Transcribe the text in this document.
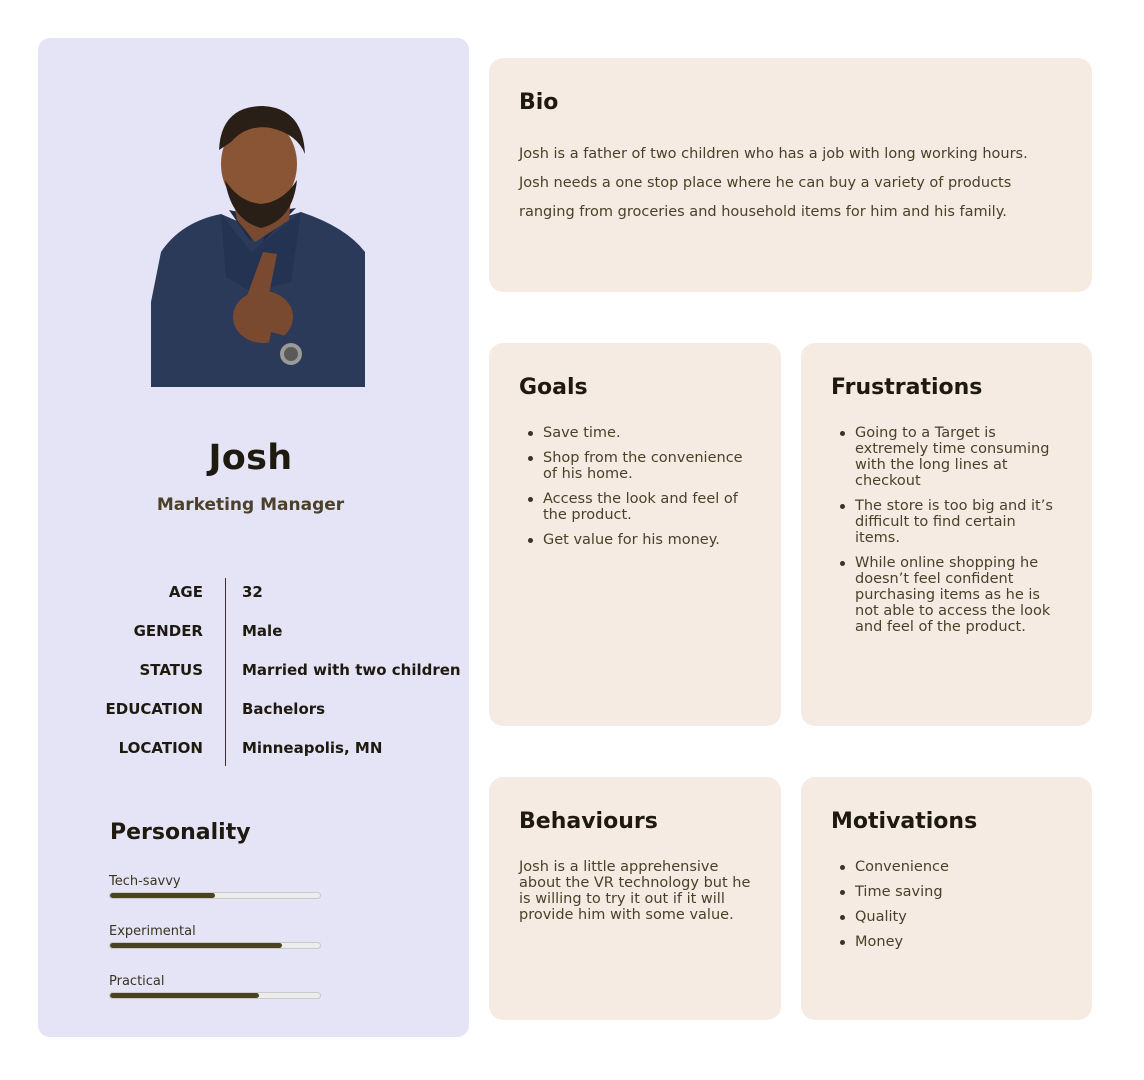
Josh
Marketing Manager
AGE	32
GENDER	Male
STATUS	Married with two children
EDUCATION	Bachelors
LOCATION	Minneapolis, MN
Personality
Tech-savvy
Experimental
Practical
Bio
Josh is a father of two children who has a job with long working hours. Josh needs a one stop place where he can buy a variety of products ranging from groceries and household items for him and his family.
Goals
Save time.
Shop from the convenience of his home.
Access the look and feel of the product.
Get value for his money.
Frustrations
Going to a Target is extremely time consuming with the long lines at checkout
The store is too big and it’s difficult to find certain items.
While online shopping he doesn’t feel confident purchasing items as he is not able to access the look and feel of the product.
Behaviours
Josh is a little apprehensive about the VR technology but he is willing to try it out if it will provide him with some value.
Motivations
Convenience
Time saving
Quality
Money
